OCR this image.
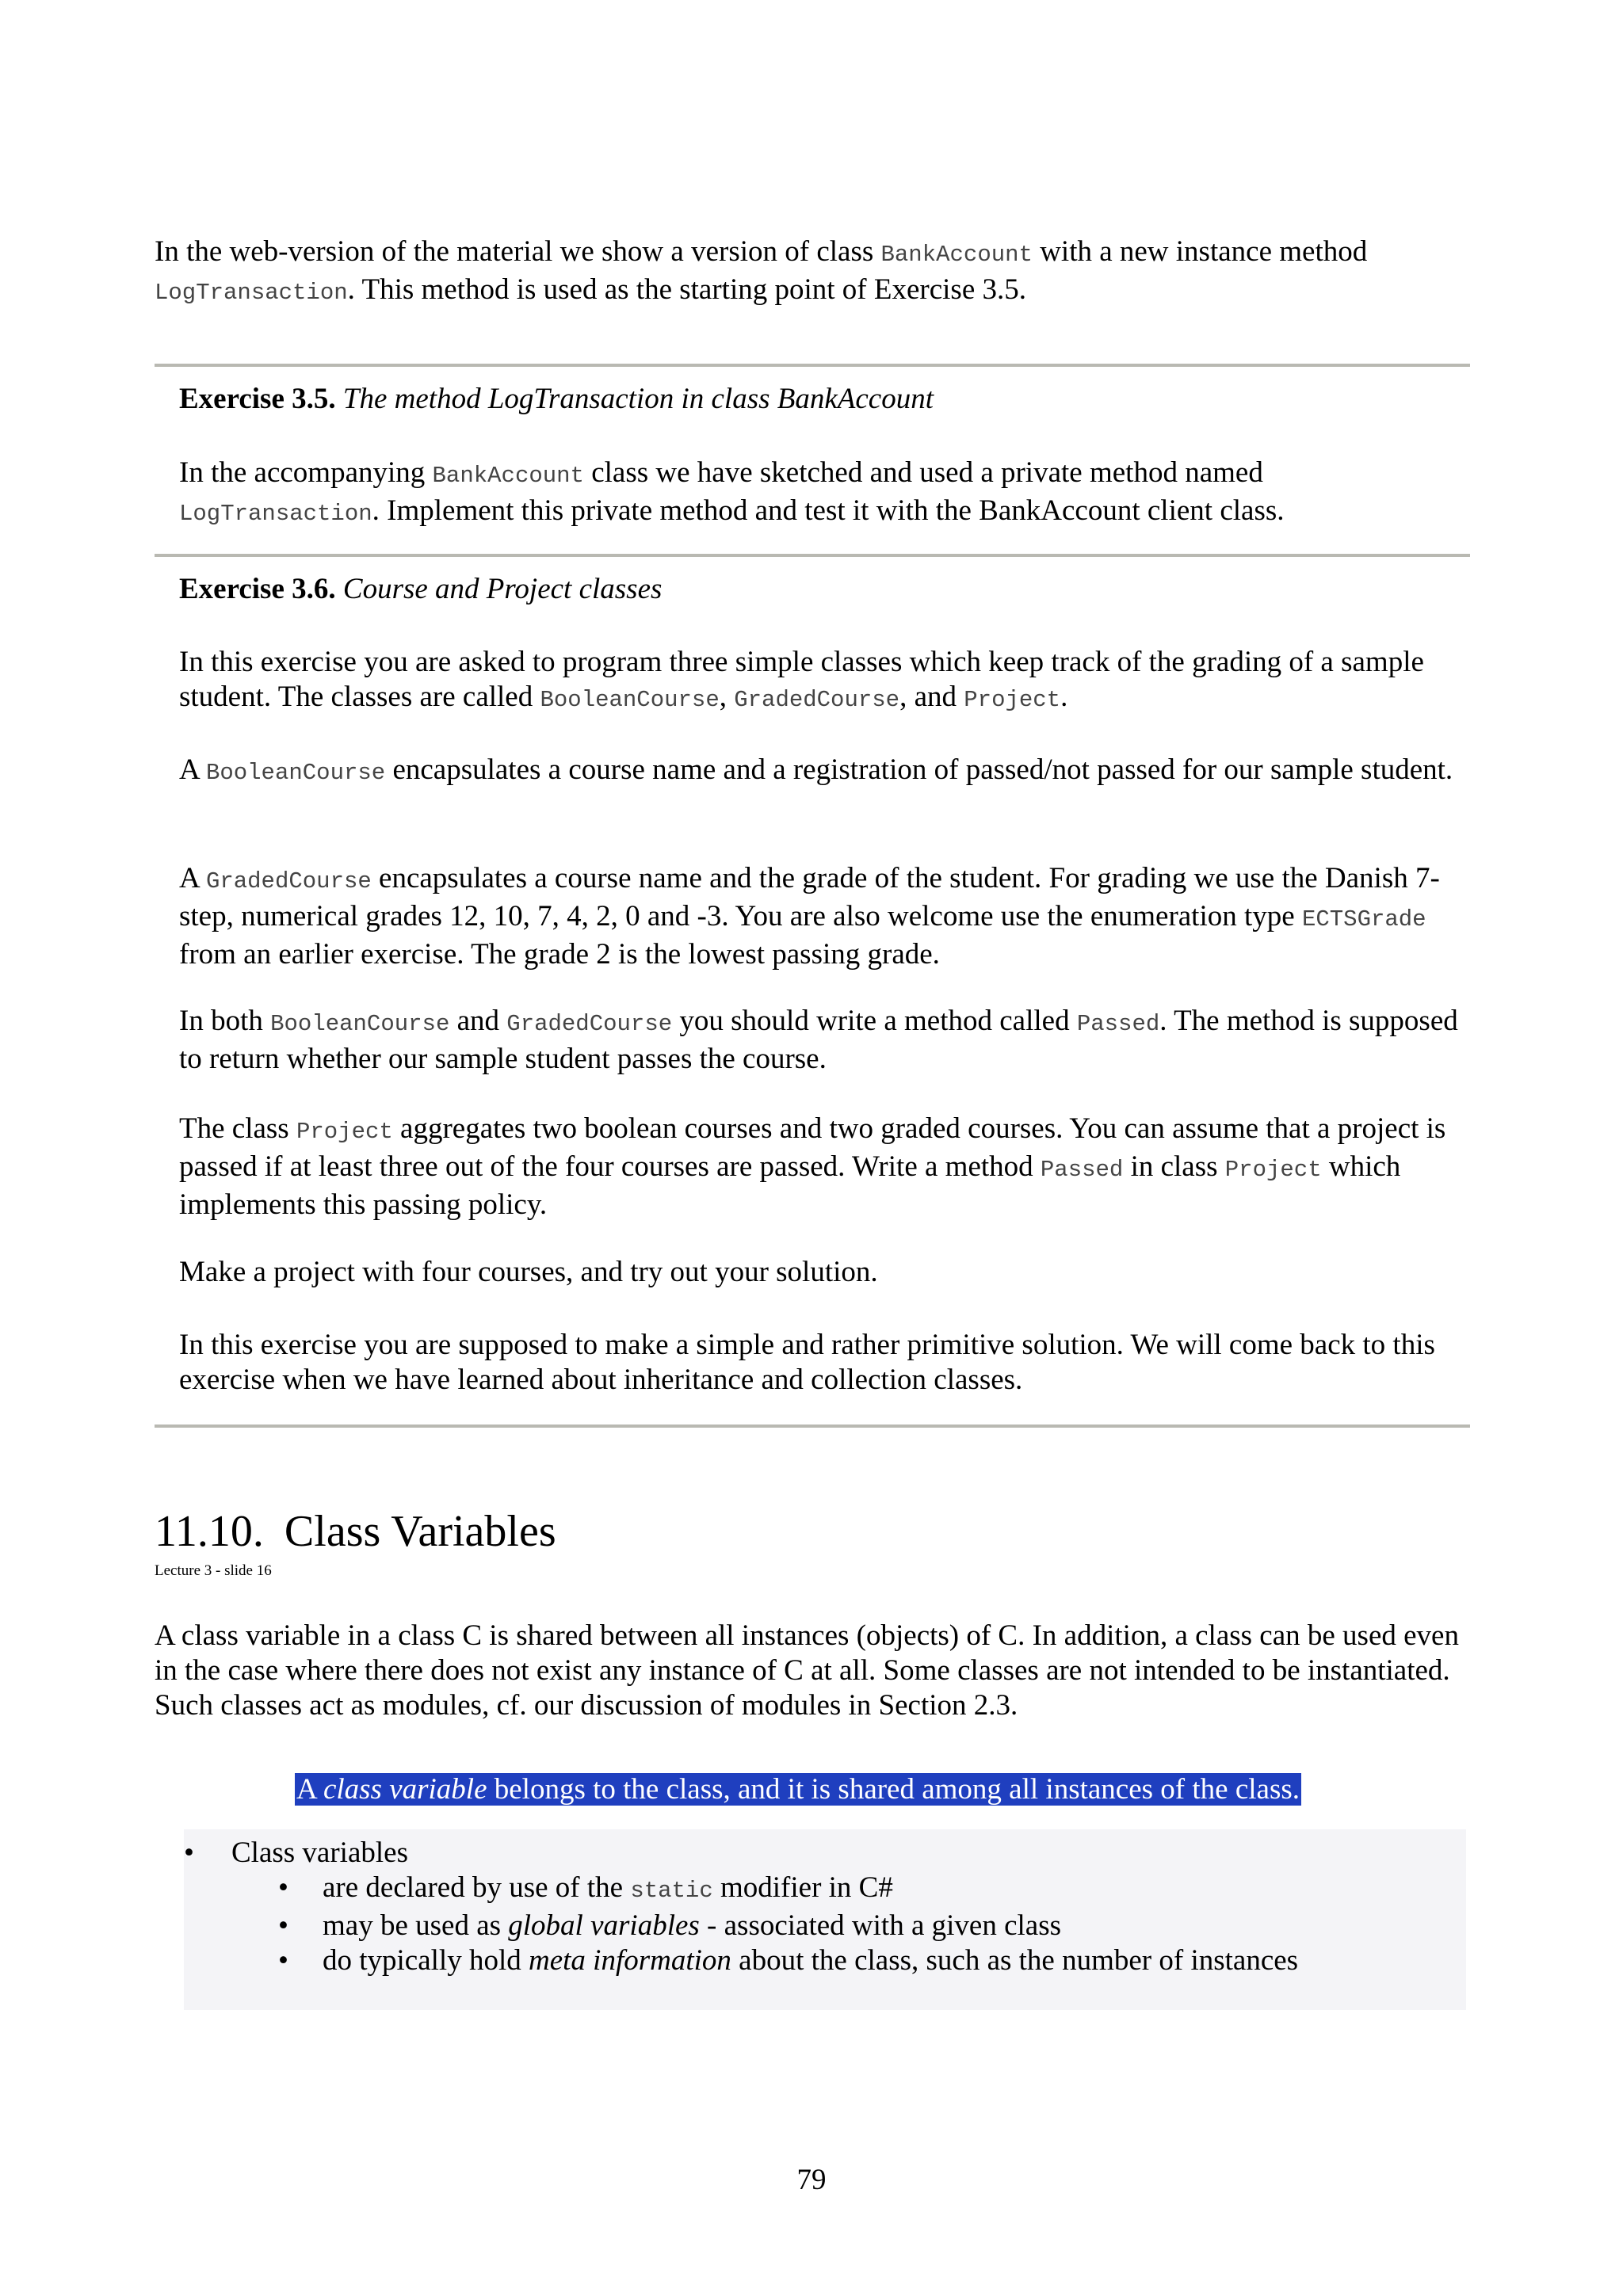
In the web-version of the material we show a version of class BankAccount with a new instance method
LogTransaction. This method is used as the starting point of Exercise 3.5.

Exercise 3.5. The method LogTransaction in class BankAccount

In the accompanying BankAccount class we have sketched and used a private method named
LogTransaction. Implement this private method and test it with the BankAccount client class.

Exercise 3.6. Course and Project classes

In this exercise you are asked to program three simple classes which keep track of the grading of a sample student. The classes are called BooleanCourse, GradedCourse, and Project.

A BooleanCourse encapsulates a course name and a registration of passed/not passed for our sample student.

A GradedCourse encapsulates a course name and the grade of the student. For grading we use the Danish 7-step, numerical grades 12, 10, 7, 4, 2, 0 and -3. You are also welcome use the enumeration type ECTSGrade from an earlier exercise. The grade 2 is the lowest passing grade.

In both BooleanCourse and GradedCourse you should write a method called Passed. The method is supposed to return whether our sample student passes the course.

The class Project aggregates two boolean courses and two graded courses. You can assume that a project is passed if at least three out of the four courses are passed. Write a method Passed in class Project which implements this passing policy.

Make a project with four courses, and try out your solution.

In this exercise you are supposed to make a simple and rather primitive solution. We will come back to this exercise when we have learned about inheritance and collection classes.

11.10. Class Variables
Lecture 3 - slide 16

A class variable in a class C is shared between all instances (objects) of C. In addition, a class can be used even in the case where there does not exist any instance of C at all. Some classes are not intended to be instantiated. Such classes act as modules, cf. our discussion of modules in Section 2.3.

A class variable belongs to the class, and it is shared among all instances of the class.
• Class variables
• are declared by use of the static modifier in C#
• may be used as global variables - associated with a given class
• do typically hold meta information about the class, such as the number of instances
79
